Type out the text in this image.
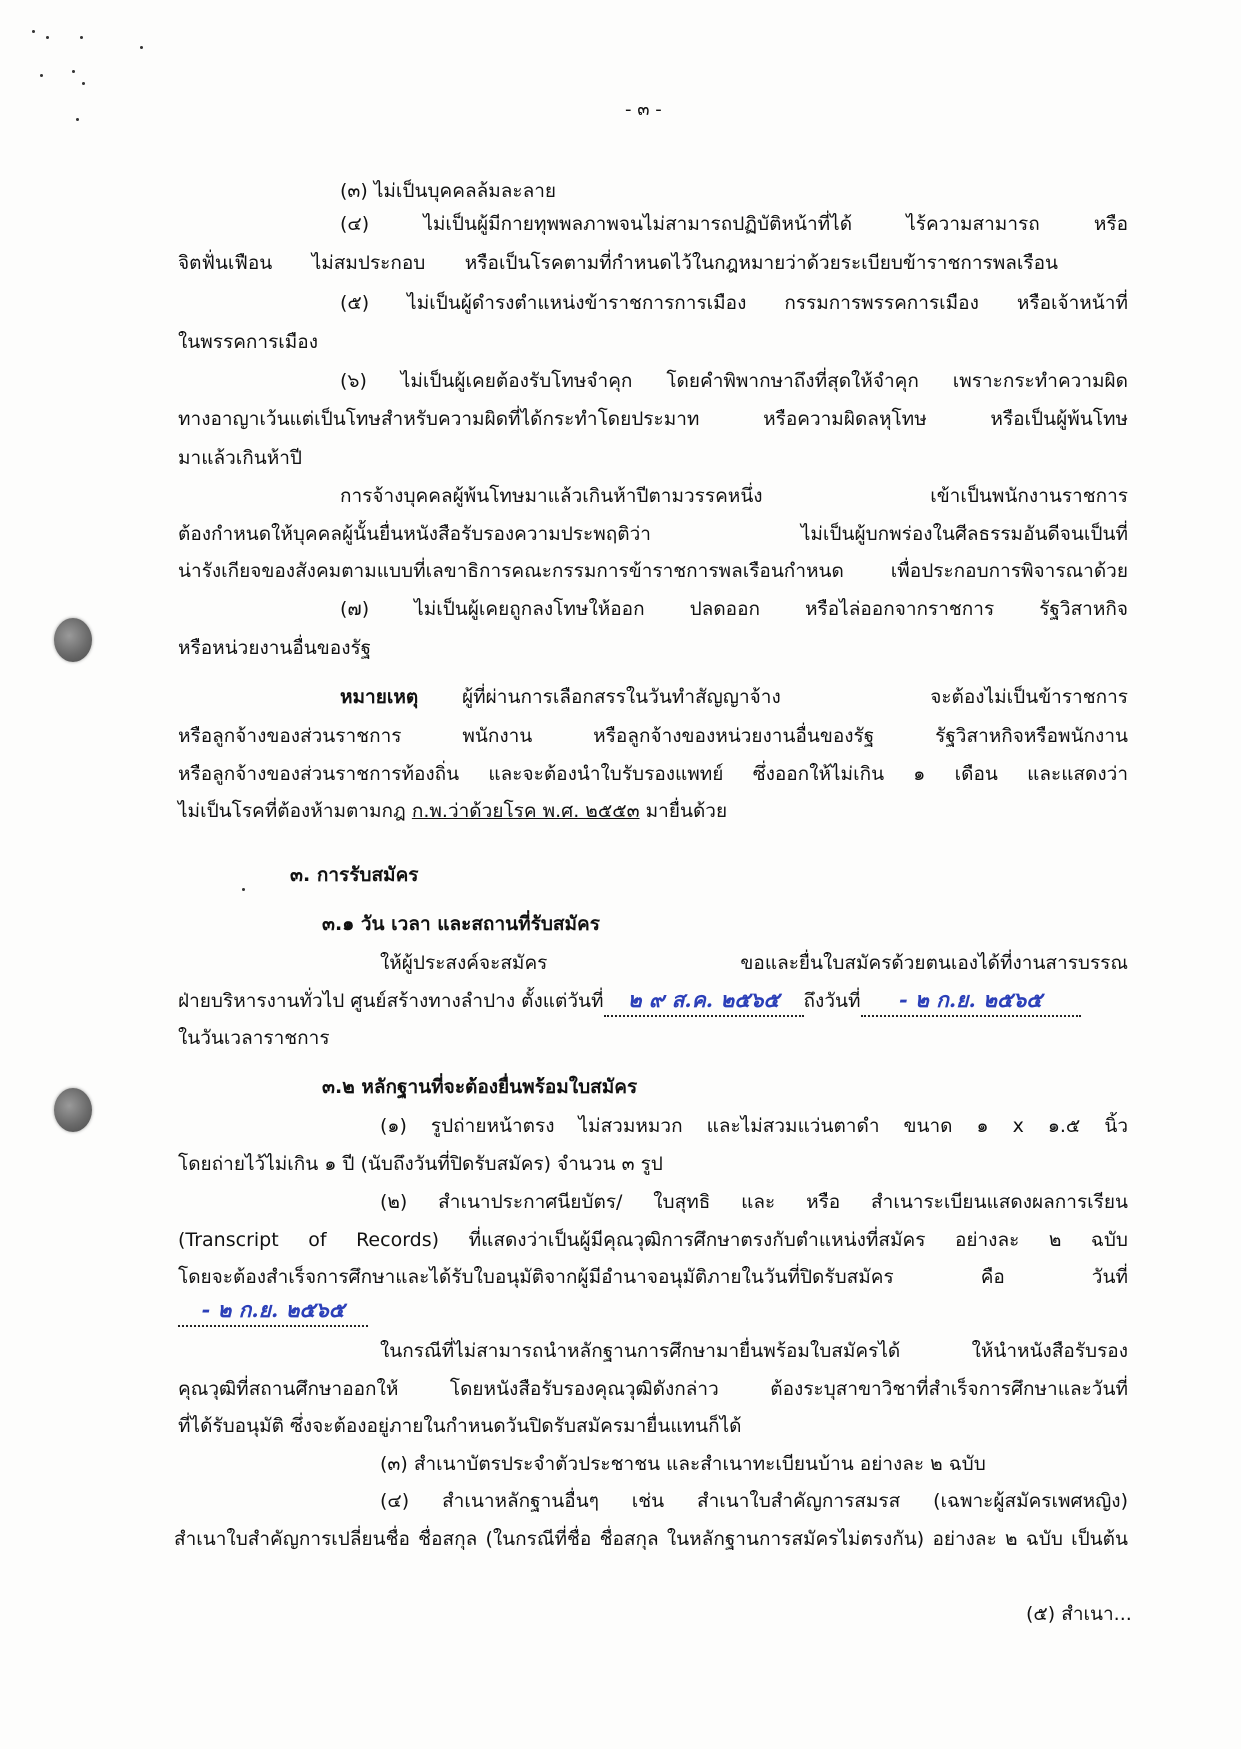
- ๓ -
(๓) ไม่เป็นบุคคลล้มละลาย
(๔) ไม่เป็นผู้มีกายทุพพลภาพจนไม่สามารถปฏิบัติหน้าที่ได้ ไร้ความสามารถ หรือ
จิตฟั่นเฟือน ไม่สมประกอบ หรือเป็นโรคตามที่กำหนดไว้ในกฎหมายว่าด้วยระเบียบข้าราชการพลเรือน
(๕) ไม่เป็นผู้ดำรงตำแหน่งข้าราชการการเมือง กรรมการพรรคการเมือง หรือเจ้าหน้าที่
ในพรรคการเมือง
(๖) ไม่เป็นผู้เคยต้องรับโทษจำคุก โดยคำพิพากษาถึงที่สุดให้จำคุก เพราะกระทำความผิด
ทางอาญาเว้นแต่เป็นโทษสำหรับความผิดที่ได้กระทำโดยประมาท หรือความผิดลหุโทษ หรือเป็นผู้พ้นโทษ
มาแล้วเกินห้าปี
การจ้างบุคคลผู้พ้นโทษมาแล้วเกินห้าปีตามวรรคหนึ่ง เข้าเป็นพนักงานราชการ
ต้องกำหนดให้บุคคลผู้นั้นยื่นหนังสือรับรองความประพฤติว่า ไม่เป็นผู้บกพร่องในศีลธรรมอันดีจนเป็นที่
น่ารังเกียจของสังคมตามแบบที่เลขาธิการคณะกรรมการข้าราชการพลเรือนกำหนด เพื่อประกอบการพิจารณาด้วย
(๗) ไม่เป็นผู้เคยถูกลงโทษให้ออก ปลดออก หรือไล่ออกจากราชการ รัฐวิสาหกิจ
หรือหน่วยงานอื่นของรัฐ
หมายเหตุ ผู้ที่ผ่านการเลือกสรรในวันทำสัญญาจ้าง จะต้องไม่เป็นข้าราชการ
หรือลูกจ้างของส่วนราชการ พนักงาน หรือลูกจ้างของหน่วยงานอื่นของรัฐ รัฐวิสาหกิจหรือพนักงาน
หรือลูกจ้างของส่วนราชการท้องถิ่น และจะต้องนำใบรับรองแพทย์ ซึ่งออกให้ไม่เกิน ๑ เดือน และแสดงว่า
ไม่เป็นโรคที่ต้องห้ามตามกฎ ก.พ.ว่าด้วยโรค พ.ศ. ๒๕๕๓ มายื่นด้วย
๓. การรับสมัคร
๓.๑ วัน เวลา และสถานที่รับสมัคร
ให้ผู้ประสงค์จะสมัคร ขอและยื่นใบสมัครด้วยตนเองได้ที่งานสารบรรณ
ฝ่ายบริหารงานทั่วไป ศูนย์สร้างทางลำปาง ตั้งแต่วันที่ ๒ ๙ ส.ค. ๒๕๖๕ ถึงวันที่ - ๒ ก.ย. ๒๕๖๕
ในวันเวลาราชการ
๓.๒ หลักฐานที่จะต้องยื่นพร้อมใบสมัคร
(๑) รูปถ่ายหน้าตรง ไม่สวมหมวก และไม่สวมแว่นตาดำ ขนาด ๑ x ๑.๕ นิ้ว
โดยถ่ายไว้ไม่เกิน ๑ ปี (นับถึงวันที่ปิดรับสมัคร) จำนวน ๓ รูป
(๒) สำเนาประกาศนียบัตร/ ใบสุทธิ และ หรือ สำเนาระเบียนแสดงผลการเรียน
(Transcript of Records) ที่แสดงว่าเป็นผู้มีคุณวุฒิการศึกษาตรงกับตำแหน่งที่สมัคร อย่างละ ๒ ฉบับ
โดยจะต้องสำเร็จการศึกษาและได้รับใบอนุมัติจากผู้มีอำนาจอนุมัติภายในวันที่ปิดรับสมัคร คือ วันที่
- ๒ ก.ย. ๒๕๖๕
ในกรณีที่ไม่สามารถนำหลักฐานการศึกษามายื่นพร้อมใบสมัครได้ ให้นำหนังสือรับรอง
คุณวุฒิที่สถานศึกษาออกให้ โดยหนังสือรับรองคุณวุฒิดังกล่าว ต้องระบุสาขาวิชาที่สำเร็จการศึกษาและวันที่
ที่ได้รับอนุมัติ ซึ่งจะต้องอยู่ภายในกำหนดวันปิดรับสมัครมายื่นแทนก็ได้
(๓) สำเนาบัตรประจำตัวประชาชน และสำเนาทะเบียนบ้าน อย่างละ ๒ ฉบับ
(๔) สำเนาหลักฐานอื่นๆ เช่น สำเนาใบสำคัญการสมรส (เฉพาะผู้สมัครเพศหญิง)
สำเนาใบสำคัญการเปลี่ยนชื่อ ชื่อสกุล (ในกรณีที่ชื่อ ชื่อสกุล ในหลักฐานการสมัครไม่ตรงกัน) อย่างละ ๒ ฉบับ เป็นต้น
(๕) สำเนา...
